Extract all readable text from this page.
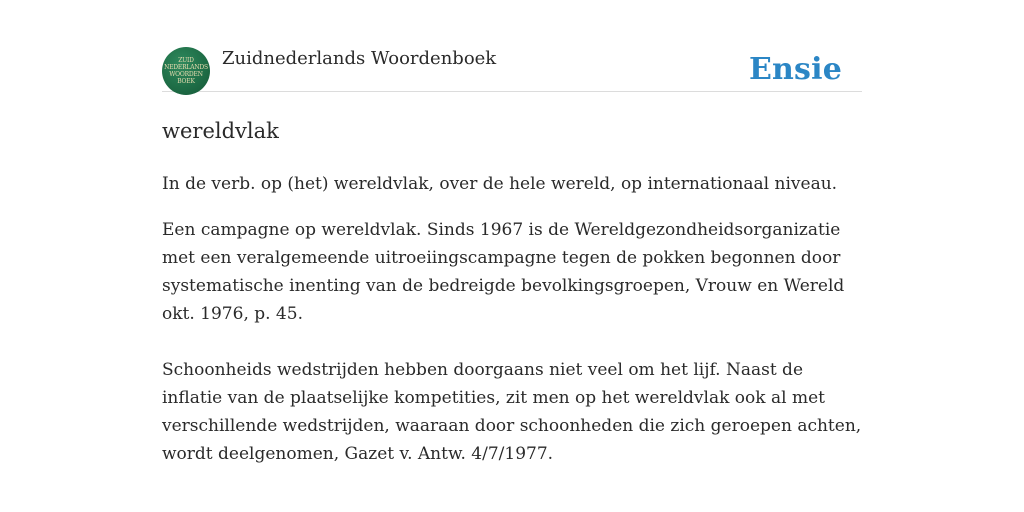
ZUID
NEDERLANDS
WOORDEN
BOEK
Zuidnederlands Woordenboek	Ensie
wereldvlak

In de verb. op (het) wereldvlak, over de hele wereld, op internationaal niveau.

Een campagne op wereldvlak. Sinds 1967 is de Wereldgezondheidsorganizatie met een veralgemeende uitroeiingscampagne tegen de pokken begonnen door systematische inenting van de bedreigde bevolkingsgroepen, Vrouw en Wereld okt. 1976, p. 45.

Schoonheids wedstrijden hebben doorgaans niet veel om het lijf. Naast de inflatie van de plaatselijke kompetities, zit men op het wereldvlak ook al met verschillende wedstrijden, waaraan door schoonheden die zich geroepen achten, wordt deelgenomen, Gazet v. Antw. 4/7/1977.
